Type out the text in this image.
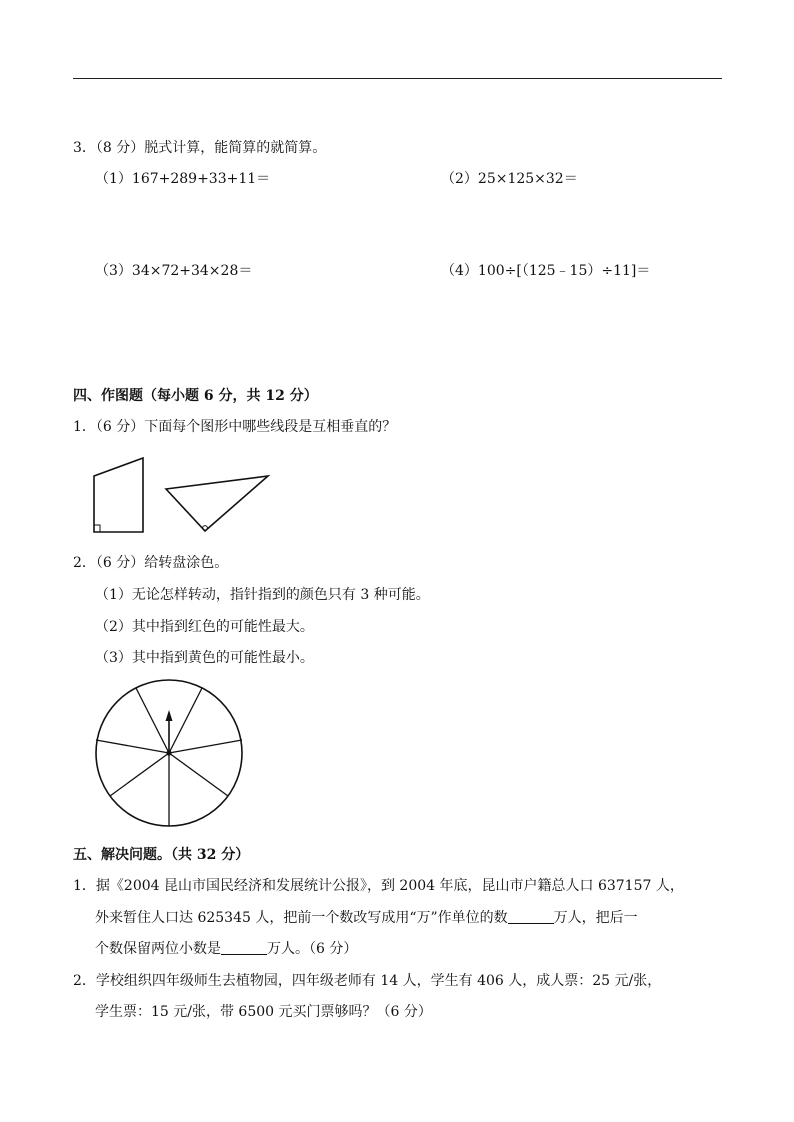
3．（8 分）脱式计算，能简算的就简算。
（1）167+289+33+11＝	（2）25×125×32＝
（3）34×72+34×28＝	（4）100÷[（125﹣15）÷11]＝
四、作图题（每小题 6 分，共 12 分）
1．（6 分）下面每个图形中哪些线段是互相垂直的？
2．（6 分）给转盘涂色。
（1）无论怎样转动，指针指到的颜色只有 3 种可能。
（2）其中指到红色的可能性最大。
（3）其中指到黄色的可能性最小。
五、解决问题。（共 32 分）
1．据《2004 昆山市国民经济和发展统计公报》，到 2004 年底，昆山市户籍总人口 637157 人，
外来暂住人口达 625345 人，把前一个数改写成用“万”作单位的数	万人，把后一
个数保留两位小数是	万人。（6 分）
2．学校组织四年级师生去植物园，四年级老师有 14 人，学生有 406 人，成人票：25 元/张，
学生票：15 元/张，带 6500 元买门票够吗？（6 分）
